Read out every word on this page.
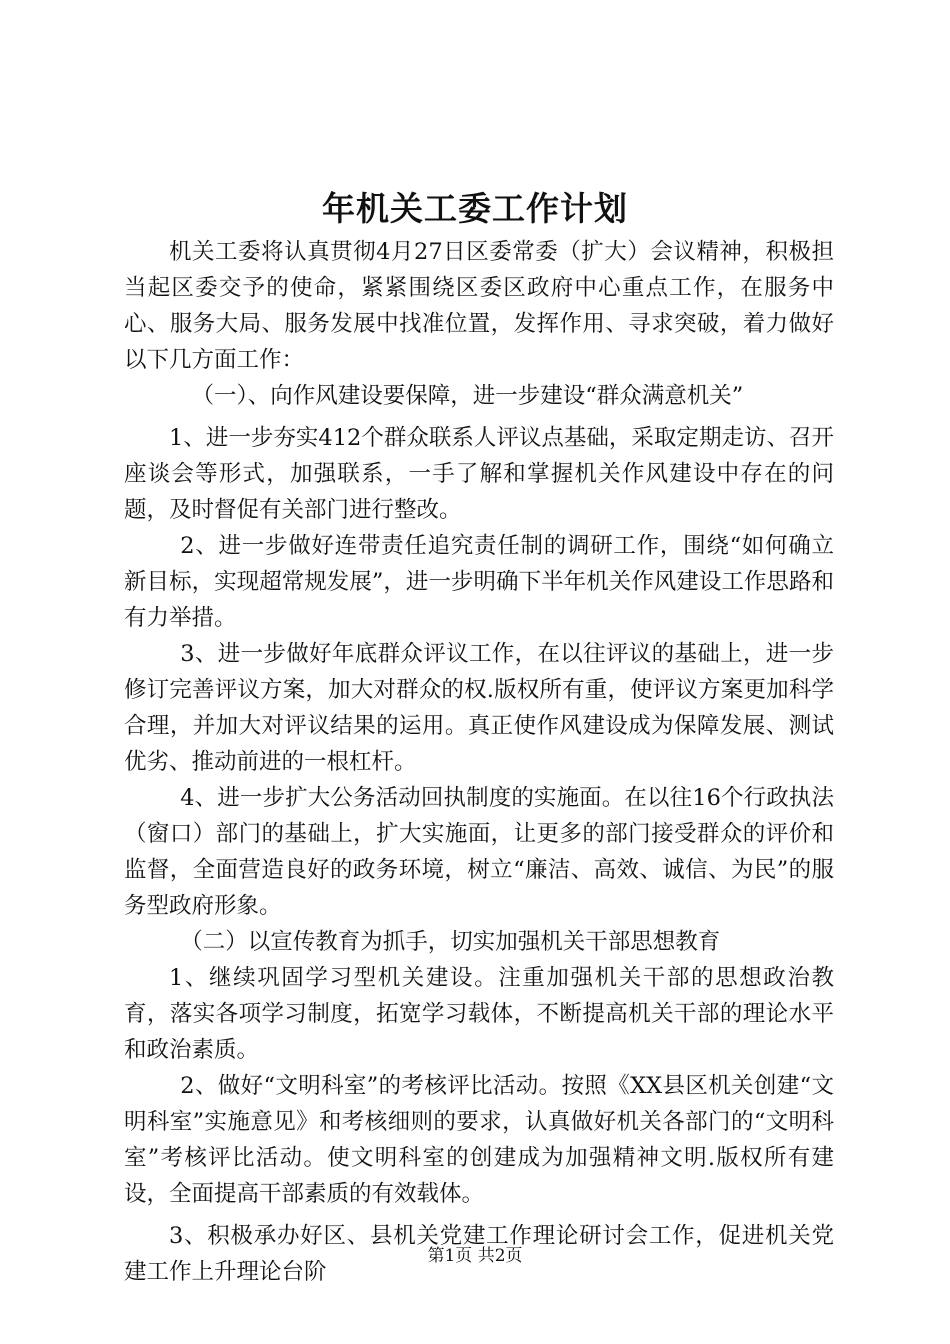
年机关工委工作计划

机关工委将认真贯彻4月27日区委常委（扩大）会议精神，积极担当起区委交予的使命，紧紧围绕区委区政府中心重点工作，在服务中心、服务大局、服务发展中找准位置，发挥作用、寻求突破，着力做好以下几方面工作：

（一）、向作风建设要保障，进一步建设“群众满意机关”

1、进一步夯实412个群众联系人评议点基础，采取定期走访、召开座谈会等形式，加强联系，一手了解和掌握机关作风建设中存在的问题，及时督促有关部门进行整改。

2、进一步做好连带责任追究责任制的调研工作，围绕“如何确立新目标，实现超常规发展”，进一步明确下半年机关作风建设工作思路和有力举措。

3、进一步做好年底群众评议工作，在以往评议的基础上，进一步修订完善评议方案，加大对群众的权.版权所有重，使评议方案更加科学合理，并加大对评议结果的运用。真正使作风建设成为保障发展、测试优劣、推动前进的一根杠杆。

4、进一步扩大公务活动回执制度的实施面。在以往16个行政执法（窗口）部门的基础上，扩大实施面，让更多的部门接受群众的评价和监督，全面营造良好的政务环境，树立“廉洁、高效、诚信、为民”的服务型政府形象。

（二）以宣传教育为抓手，切实加强机关干部思想教育

1、继续巩固学习型机关建设。注重加强机关干部的思想政治教育，落实各项学习制度，拓宽学习载体，不断提高机关干部的理论水平和政治素质。

2、做好“文明科室”的考核评比活动。按照《XX县区机关创建“文明科室”实施意见》和考核细则的要求，认真做好机关各部门的“文明科室”考核评比活动。使文明科室的创建成为加强精神文明.版权所有建设，全面提高干部素质的有效载体。

3、积极承办好区、县机关党建工作理论研讨会工作，促进机关党建工作上升理论台阶

第1页 共2页
